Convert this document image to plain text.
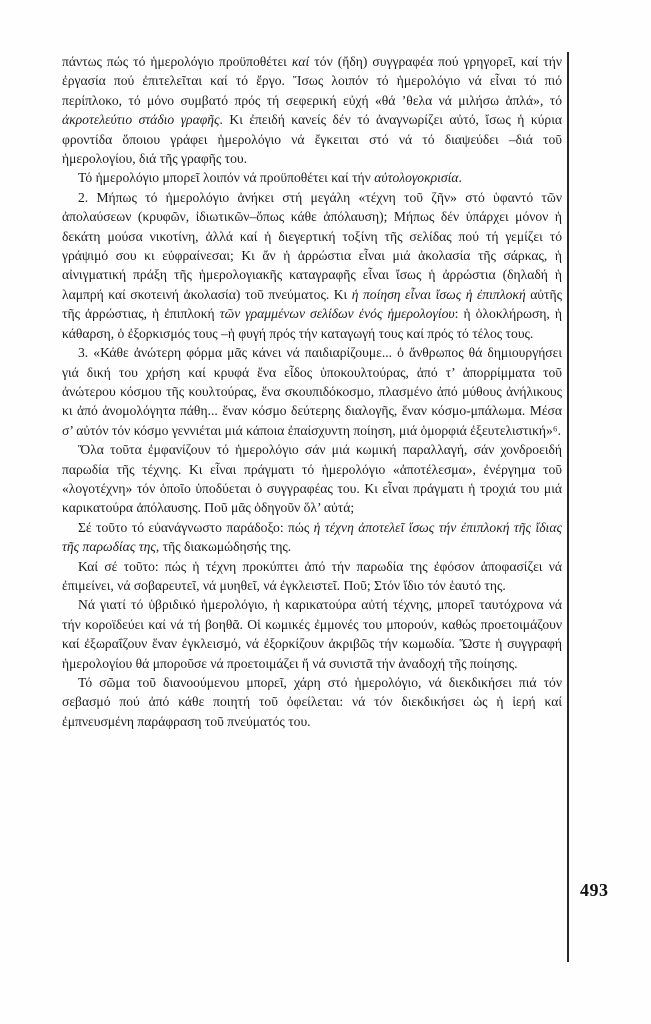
πάντως πώς τό ἡμερολόγιο προϋποθέτει καί τόν (ἤδη) συγγραφέα πού γρηγορεῖ, καί τήν ἐργασία πού ἐπιτελεῖται καί τό ἔργο. Ἴσως λοιπόν τό ἡμερολόγιο νά εἶναι τό πιό περίπλοκο, τό μόνο συμβατό πρός τή σεφερική εὐχή «θά ’θελα νά μιλήσω ἁπλά», τό ἀκροτελεύτιο στάδιο γραφῆς. Κι ἐπειδή κανείς δέν τό ἀναγνωρίζει αὐτό, ἴσως ἡ κύρια φροντίδα ὅποιου γράφει ἡμερολόγιο νά ἔγκειται στό νά τό διαψεύδει –διά τοῦ ἡμερολογίου, διά τῆς γραφῆς του.

Τό ἡμερολόγιο μπορεῖ λοιπόν νά προϋποθέτει καί τήν αὐτολογοκρισία.

2. Μήπως τό ἡμερολόγιο ἀνήκει στή μεγάλη «τέχνη τοῦ ζῆν» στό ὑφαντό τῶν ἀπολαύσεων (κρυφῶν, ἰδιωτικῶν–ὅπως κάθε ἀπόλαυση); Μήπως δέν ὑπάρχει μόνον ἡ δεκάτη μούσα νικοτίνη, ἀλλά καί ἡ διεγερτική τοξίνη τῆς σελίδας πού τή γεμίζει τό γράψιμό σου κι εὐφραίνεσαι; Κι ἄν ἡ ἀρρώστια εἶναι μιά ἀκολασία τῆς σάρκας, ἡ αἰνιγματική πράξη τῆς ἡμερολογιακῆς καταγραφῆς εἶναι ἴσως ἡ ἀρρώστια (δηλαδή ἡ λαμπρή καί σκοτεινή ἀκολασία) τοῦ πνεύματος. Κι ἡ ποίηση εἶναι ἴσως ἡ ἐπιπλοκή αὐτῆς τῆς ἀρρώστιας, ἡ ἐπιπλοκή τῶν γραμμένων σελίδων ἑνός ἡμερολογίου: ἡ ὁλοκλήρωση, ἡ κάθαρση, ὁ ἐξορκισμός τους –ἡ φυγή πρός τήν καταγωγή τους καί πρός τό τέλος τους.

3. «Κάθε ἀνώτερη φόρμα μᾶς κάνει νά παιδιαρίζουμε... ὁ ἄνθρωπος θά δημιουργήσει γιά δική του χρήση καί κρυφά ἕνα εἶδος ὑποκουλτούρας, ἀπό τ’ ἀπορρίμματα τοῦ ἀνώτερου κόσμου τῆς κουλτούρας, ἕνα σκουπιδόκοσμο, πλασμένο ἀπό μύθους ἀνήλικους κι ἀπό ἀνομολόγητα πάθη... ἕναν κόσμο δεύτερης διαλογῆς, ἕναν κόσμο-μπάλωμα. Μέσα σ’ αὐτόν τόν κόσμο γεννιέται μιά κάποια ἐπαίσχυντη ποίηση, μιά ὁμορφιά ἐξευτελιστική»⁶.

Ὅλα τοῦτα ἐμφανίζουν τό ἡμερολόγιο σάν μιά κωμική παραλλαγή, σάν χονδροειδή παρωδία τῆς τέχνης. Κι εἶναι πράγματι τό ἡμερολόγιο «ἀποτέλεσμα», ἐνέργημα τοῦ «λογοτέχνη» τόν ὁποῖο ὑποδύεται ὁ συγγραφέας του. Κι εἶναι πράγματι ἡ τροχιά του μιά καρικατούρα ἀπόλαυσης. Ποῦ μᾶς ὁδηγοῦν ὅλ’ αὐτά;

Σέ τοῦτο τό εὐανάγνωστο παράδοξο: πώς ἡ τέχνη ἀποτελεῖ ἴσως τήν ἐπιπλοκή τῆς ἴδιας τῆς παρωδίας της, τῆς διακωμώδησής της.

Καί σέ τοῦτο: πώς ἡ τέχνη προκύπτει ἀπό τήν παρωδία της ἐφόσον ἀποφασίζει νά ἐπιμείνει, νά σοβαρευτεῖ, νά μυηθεῖ, νά ἐγκλειστεῖ. Ποῦ; Στόν ἴδιο τόν ἑαυτό της.

Νά γιατί τό ὑβριδικό ἡμερολόγιο, ἡ καρικατούρα αὐτή τέχνης, μπορεῖ ταυτόχρονα νά τήν κοροϊδεύει καί νά τή βοηθᾶ. Οἱ κωμικές ἐμμονές του μπορούν, καθώς προετοιμάζουν καί ἐξωραΐζουν ἕναν ἐγκλεισμό, νά ἐξορκίζουν ἀκριβῶς τήν κωμωδία. Ὥστε ἡ συγγραφή ἡμερολογίου θά μποροῦσε νά προετοιμάζει ἤ νά συνιστᾶ τήν ἀναδοχή τῆς ποίησης.

Τό σῶμα τοῦ διανοούμενου μπορεῖ, χάρη στό ἡμερολόγιο, νά διεκδικήσει πιά τόν σεβασμό πού ἀπό κάθε ποιητή τοῦ ὀφείλεται: νά τόν διεκδικήσει ὡς ἡ ἱερή καί ἐμπνευσμένη παράφραση τοῦ πνεύματός του.

493
